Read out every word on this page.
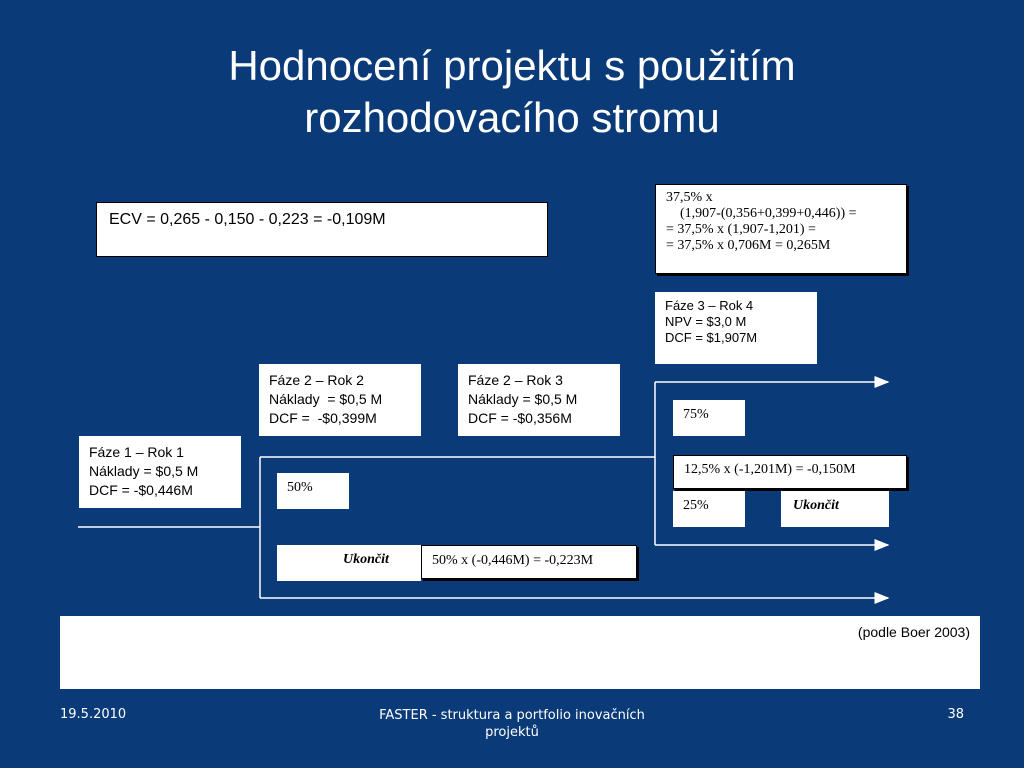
Hodnocení projektu s použitím
rozhodovacího stromu
ECV = 0,265 - 0,150 - 0,223 = -0,109M
37,5% x
(1,907-(0,356+0,399+0,446)) =
= 37,5% x (1,907-1,201) =
= 37,5% x 0,706M = 0,265M
Fáze 3 – Rok 4
NPV = $3,0 M
DCF = $1,907M
Fáze 2 – Rok 2
Náklady  = $0,5 M
DCF =  -$0,399M
Fáze 2 – Rok 3
Náklady = $0,5 M
DCF = -$0,356M
Fáze 1 – Rok 1
Náklady = $0,5 M
DCF = -$0,446M
75%
12,5% x (-1,201M) = -0,150M
50%
25%	Ukončit
Ukončit	50% x (-0,446M) = -0,223M
(podle Boer 2003)
19.5.2010	FASTER - struktura a portfolio inovačních
projektů
38
